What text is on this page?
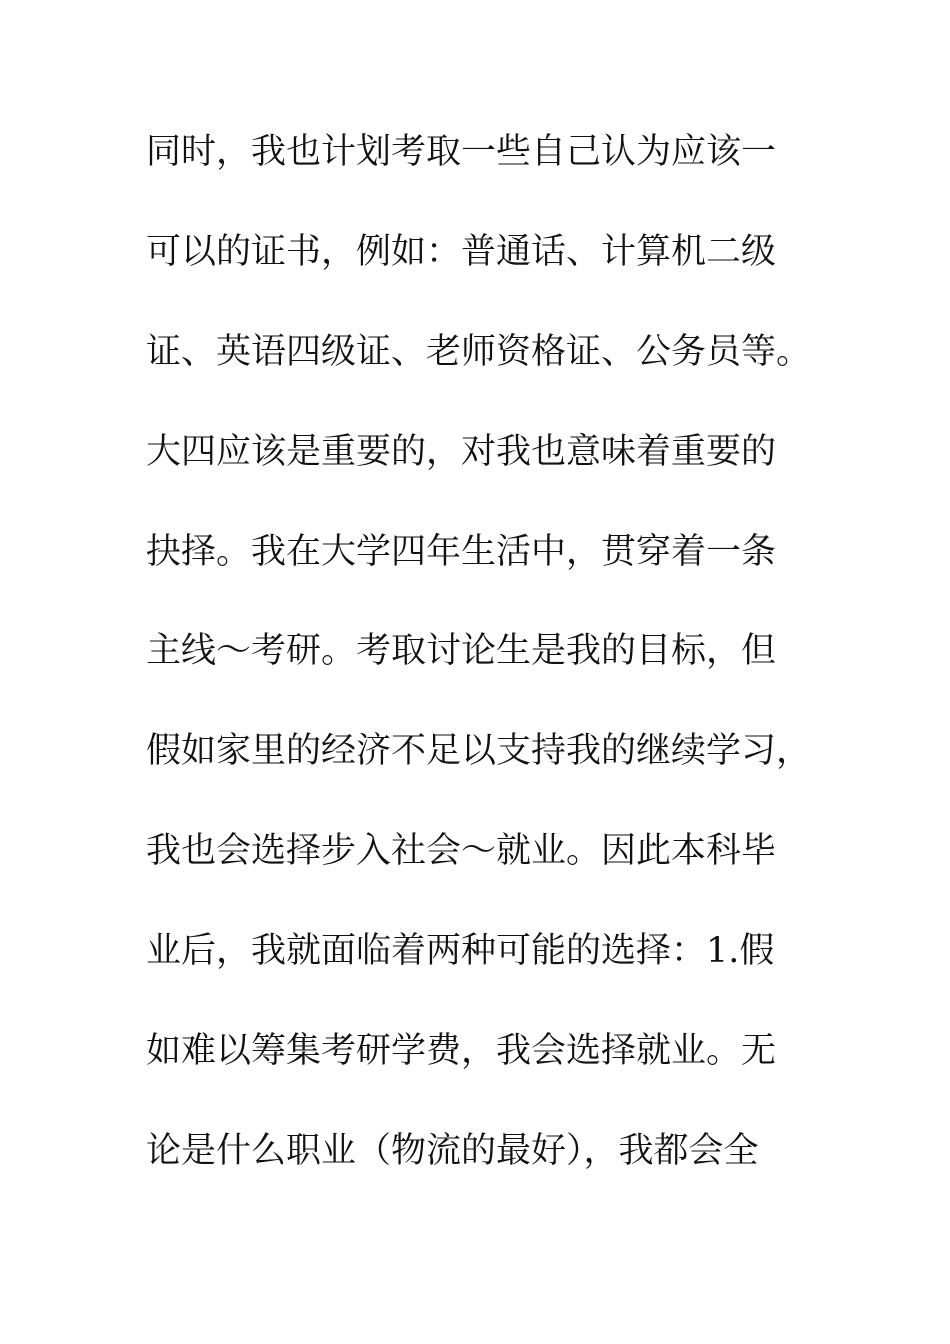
同时，我也计划考取一些自己认为应该一
可以的证书，例如：普通话、计算机二级
证、英语四级证、老师资格证、公务员等。
大四应该是重要的，对我也意味着重要的
抉择。我在大学四年生活中，贯穿着一条
主线～考研。考取讨论生是我的目标，但
假如家里的经济不足以支持我的继续学习，
我也会选择步入社会～就业。因此本科毕
业后，我就面临着两种可能的选择：1.假
如难以筹集考研学费，我会选择就业。无
论是什么职业（物流的最好），我都会全
